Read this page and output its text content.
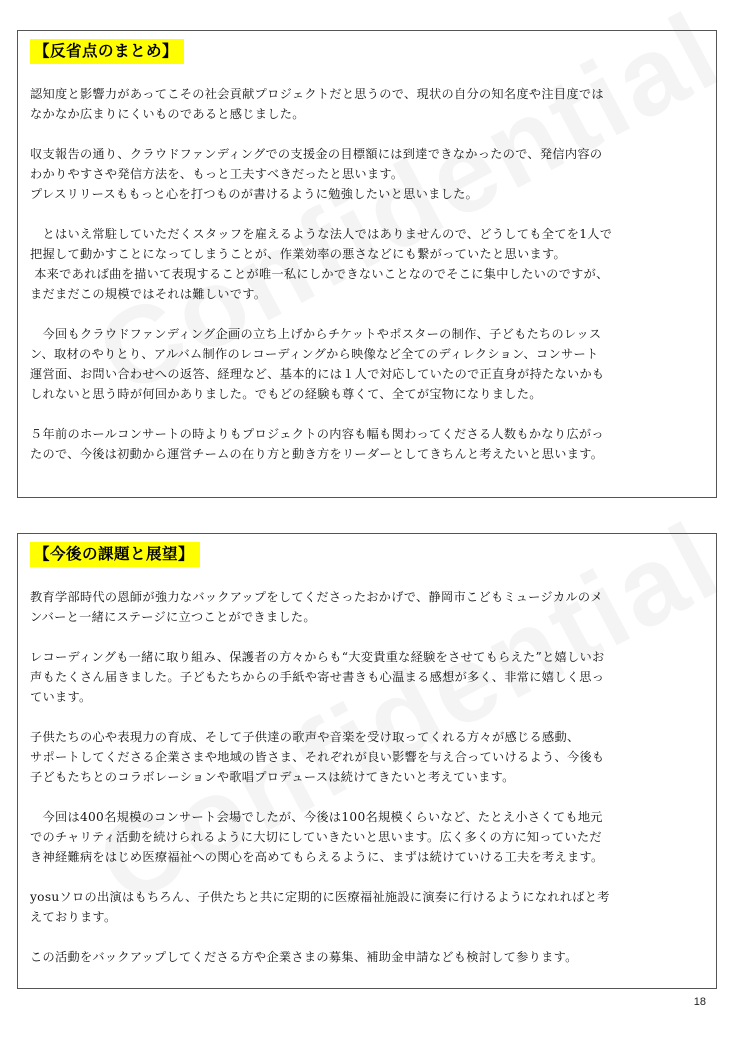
【反省点のまとめ】

認知度と影響力があってこその社会貢献プロジェクトだと思うので、現状の自分の知名度や注目度では
なかなか広まりにくいものであると感じました。

収支報告の通り、クラウドファンディングでの支援金の目標額には到達できなかったので、発信内容の
わかりやすさや発信方法を、もっと工夫すべきだったと思います。
プレスリリースももっと心を打つものが書けるように勉強したいと思いました。

　とはいえ常駐していただくスタッフを雇えるような法人ではありませんので、どうしても全てを1人で
把握して動かすことになってしまうことが、作業効率の悪さなどにも繋がっていたと思います。
本来であれば曲を描いて表現することが唯一私にしかできないことなのでそこに集中したいのですが、
まだまだこの規模ではそれは難しいです。

　今回もクラウドファンディング企画の立ち上げからチケットやポスターの制作、子どもたちのレッス
ン、取材のやりとり、アルバム制作のレコーディングから映像など全てのディレクション、コンサート
運営面、お問い合わせへの返答、経理など、基本的には１人で対応していたので正直身が持たないかも
しれないと思う時が何回かありました。でもどの経験も尊くて、全てが宝物になりました。

５年前のホールコンサートの時よりもプロジェクトの内容も幅も関わってくださる人数もかなり広がっ
たので、今後は初動から運営チームの在り方と動き方をリーダーとしてきちんと考えたいと思います。

【今後の課題と展望】

教育学部時代の恩師が強力なバックアップをしてくださったおかげで、静岡市こどもミュージカルのメ
ンバーと一緒にステージに立つことができました。

レコーディングも一緒に取り組み、保護者の方々からも“大変貴重な経験をさせてもらえた”と嬉しいお
声もたくさん届きました。子どもたちからの手紙や寄せ書きも心温まる感想が多く、非常に嬉しく思っ
ています。

子供たちの心や表現力の育成、そして子供達の歌声や音楽を受け取ってくれる方々が感じる感動、
サポートしてくださる企業さまや地域の皆さま、それぞれが良い影響を与え合っていけるよう、今後も
子どもたちとのコラボレーションや歌唱プロデュースは続けてきたいと考えています。

　今回は400名規模のコンサート会場でしたが、今後は100名規模くらいなど、たとえ小さくても地元
でのチャリティ活動を続けられるように大切にしていきたいと思います。広く多くの方に知っていただ
き神経難病をはじめ医療福祉への関心を高めてもらえるように、まずは続けていける工夫を考えます。

yosuソロの出演はもちろん、子供たちと共に定期的に医療福祉施設に演奏に行けるようになれればと考
えております。

この活動をバックアップしてくださる方や企業さまの募集、補助金申請なども検討して参ります。

18
